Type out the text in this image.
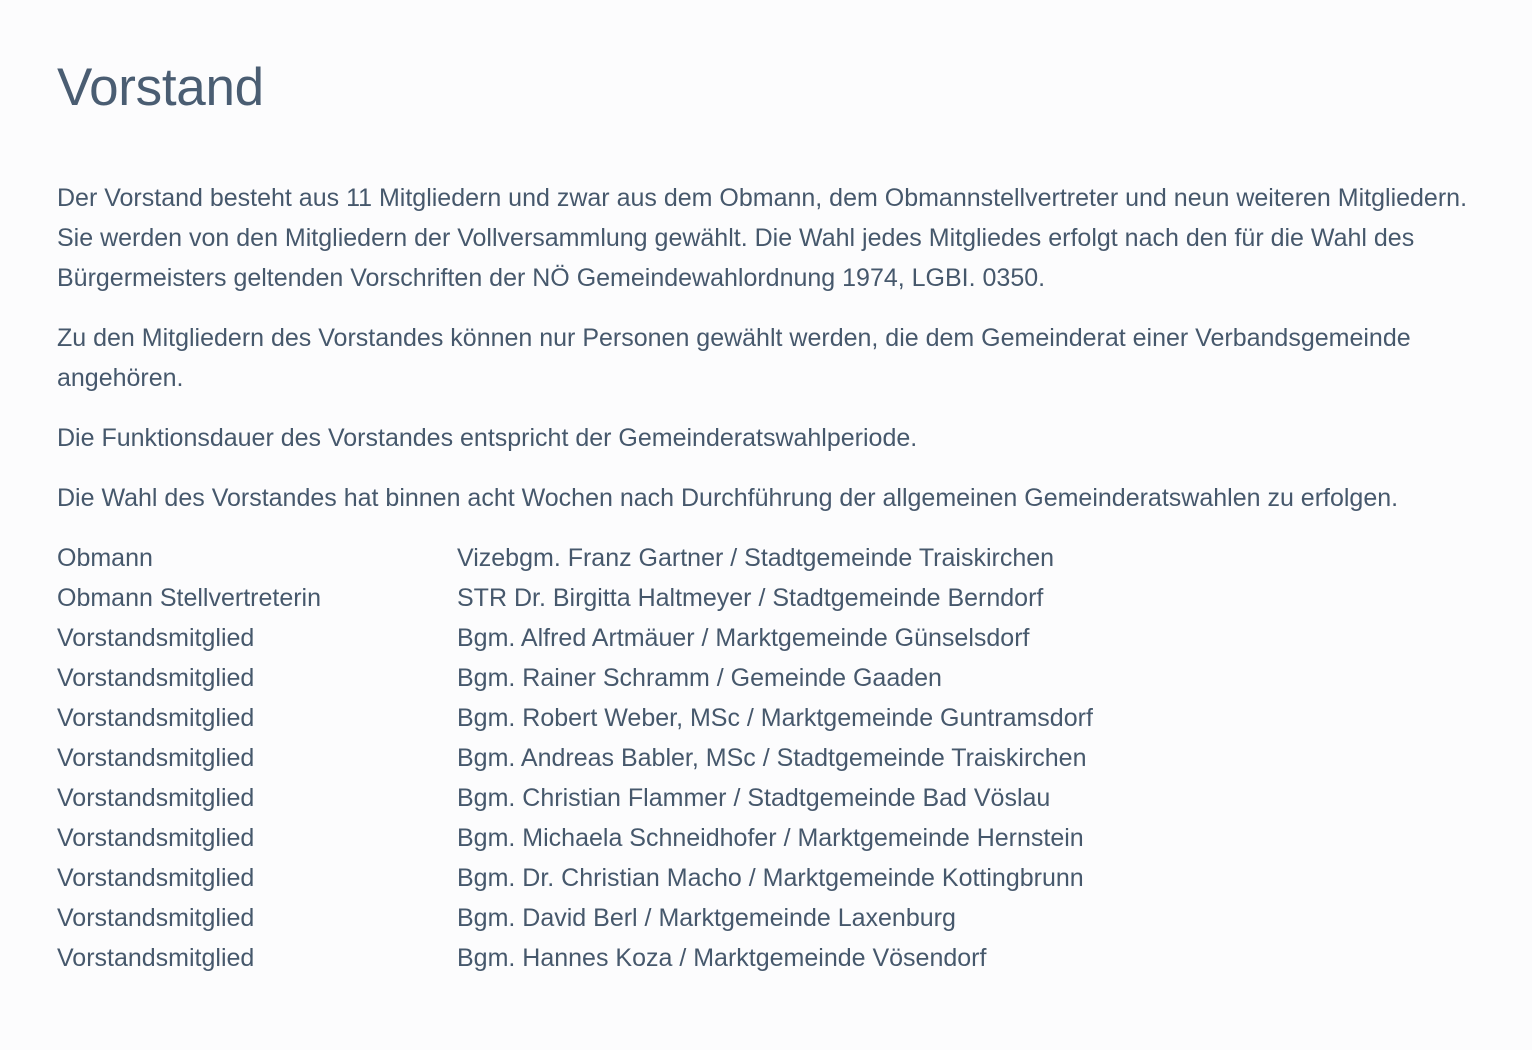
Vorstand

Der Vorstand besteht aus 11 Mitgliedern und zwar aus dem Obmann, dem Obmannstellvertreter und neun weiteren Mitgliedern. Sie werden von den Mitgliedern der Vollversammlung gewählt. Die Wahl jedes Mitgliedes erfolgt nach den für die Wahl des Bürgermeisters geltenden Vorschriften der NÖ Gemeindewahlordnung 1974, LGBI. 0350.

Zu den Mitgliedern des Vorstandes können nur Personen gewählt werden, die dem Gemeinderat einer Verbandsgemeinde angehören.

Die Funktionsdauer des Vorstandes entspricht der Gemeinderatswahlperiode.

Die Wahl des Vorstandes hat binnen acht Wochen nach Durchführung der allgemeinen Gemeinderatswahlen zu erfolgen.

Obmann	Vizebgm. Franz Gartner / Stadtgemeinde Traiskirchen
Obmann Stellvertreterin	STR Dr. Birgitta Haltmeyer / Stadtgemeinde Berndorf
Vorstandsmitglied	Bgm. Alfred Artmäuer / Marktgemeinde Günselsdorf
Vorstandsmitglied	Bgm. Rainer Schramm / Gemeinde Gaaden
Vorstandsmitglied	Bgm. Robert Weber, MSc / Marktgemeinde Guntramsdorf
Vorstandsmitglied	Bgm. Andreas Babler, MSc / Stadtgemeinde Traiskirchen
Vorstandsmitglied	Bgm. Christian Flammer / Stadtgemeinde Bad Vöslau
Vorstandsmitglied	Bgm. Michaela Schneidhofer / Marktgemeinde Hernstein
Vorstandsmitglied	Bgm. Dr. Christian Macho / Marktgemeinde Kottingbrunn
Vorstandsmitglied	Bgm. David Berl / Marktgemeinde Laxenburg
Vorstandsmitglied	Bgm. Hannes Koza / Marktgemeinde Vösendorf
